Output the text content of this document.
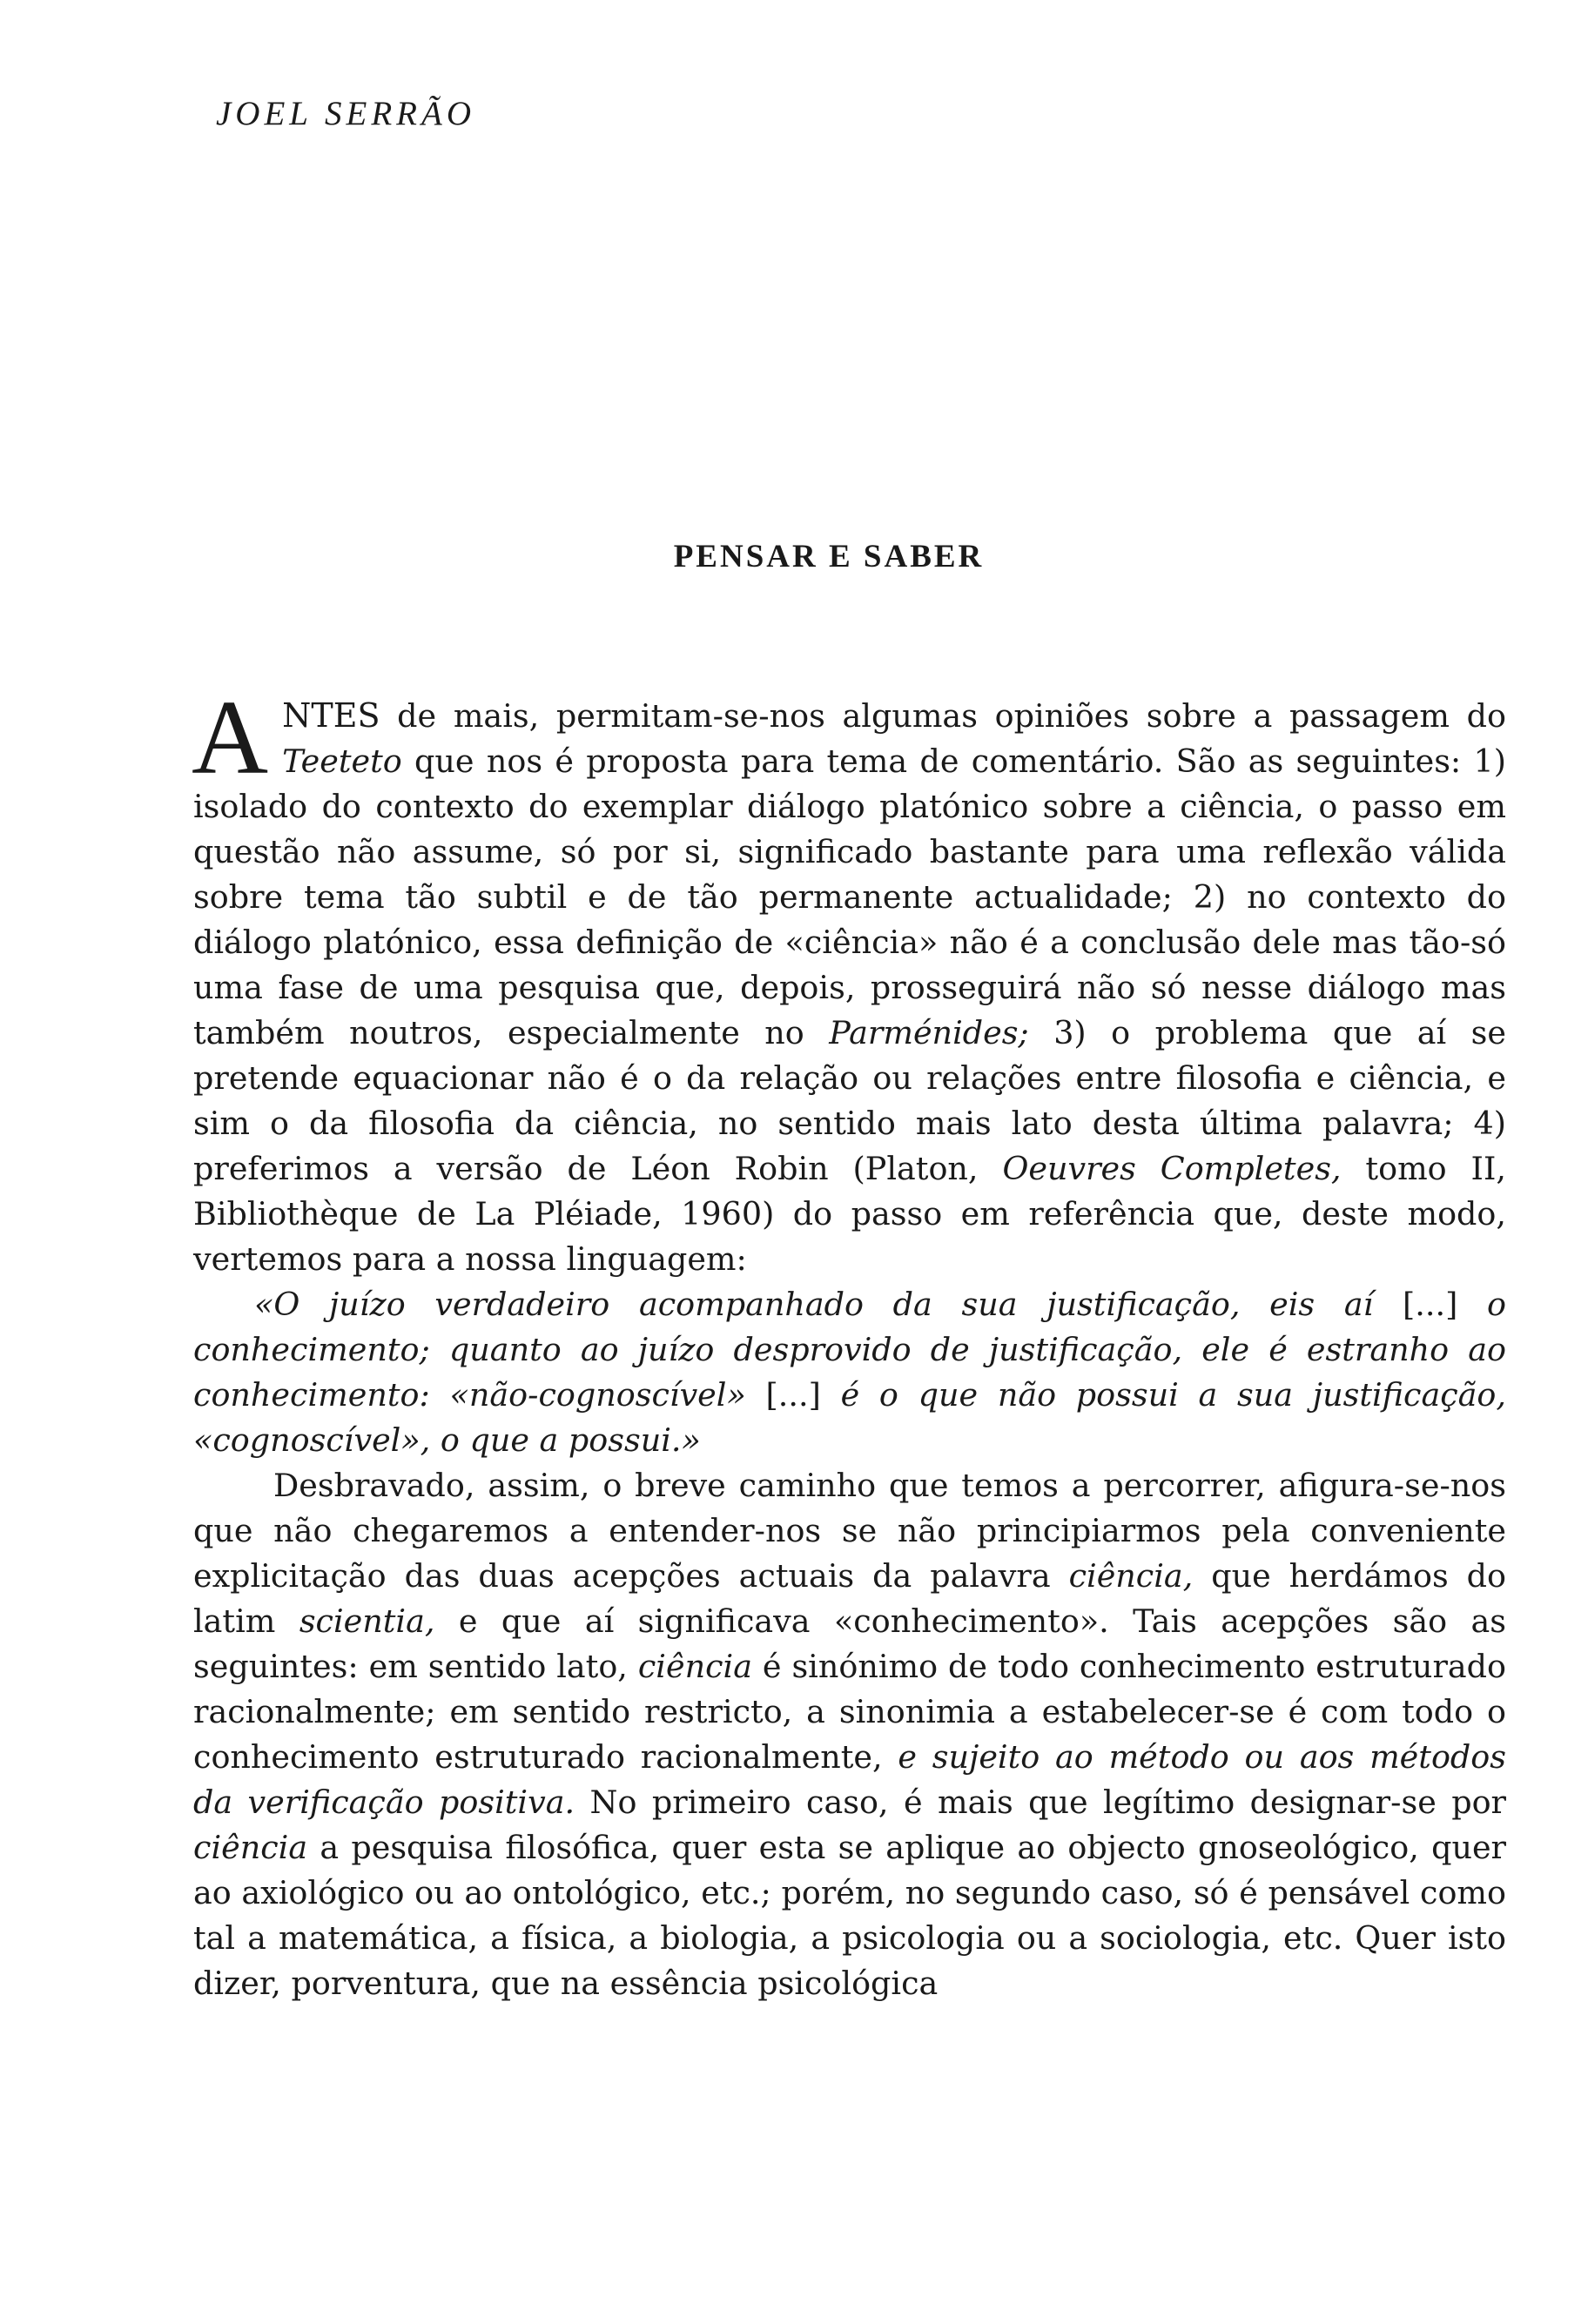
JOEL SERRÃO
PENSAR E SABER

ANTES de mais, permitam-se-nos algumas opiniões sobre a passagem do Teeteto que nos é proposta para tema de comentário. São as seguintes: 1) isolado do contexto do exemplar diálogo platónico sobre a ciência, o passo em questão não assume, só por si, significado bastante para uma reflexão válida sobre tema tão subtil e de tão permanente actualidade; 2) no contexto do diálogo platónico, essa definição de «ciência» não é a conclusão dele mas tão-só uma fase de uma pesquisa que, depois, prosseguirá não só nesse diálogo mas também noutros, especialmente no Parménides; 3) o problema que aí se pretende equacionar não é o da relação ou relações entre filosofia e ciência, e sim o da filosofia da ciência, no sentido mais lato desta última palavra; 4) preferimos a versão de Léon Robin (Platon, Oeuvres Completes, tomo II, Bibliothèque de La Pléiade, 1960) do passo em referência que, deste modo, vertemos para a nossa linguagem:

«O juízo verdadeiro acompanhado da sua justificação, eis aí [...] o conhecimento; quanto ao juízo desprovido de justificação, ele é estranho ao conhecimento: «não-cognoscível» [...] é o que não possui a sua justificação, «cognoscível», o que a possui.»

Desbravado, assim, o breve caminho que temos a percorrer, afigura-se-nos que não chegaremos a entender-nos se não principiarmos pela conveniente explicitação das duas acepções actuais da palavra ciência, que herdámos do latim scientia, e que aí significava «conhecimento». Tais acepções são as seguintes: em sentido lato, ciência é sinónimo de todo conhecimento estruturado racionalmente; em sentido restricto, a sinonimia a estabelecer-se é com todo o conhecimento estruturado racionalmente, e sujeito ao método ou aos métodos da verificação positiva. No primeiro caso, é mais que legítimo designar-se por ciência a pesquisa filosófica, quer esta se aplique ao objecto gnoseológico, quer ao axiológico ou ao ontológico, etc.; porém, no segundo caso, só é pensável como tal a matemática, a física, a biologia, a psicologia ou a sociologia, etc. Quer isto dizer, porventura, que na essência psicológica
